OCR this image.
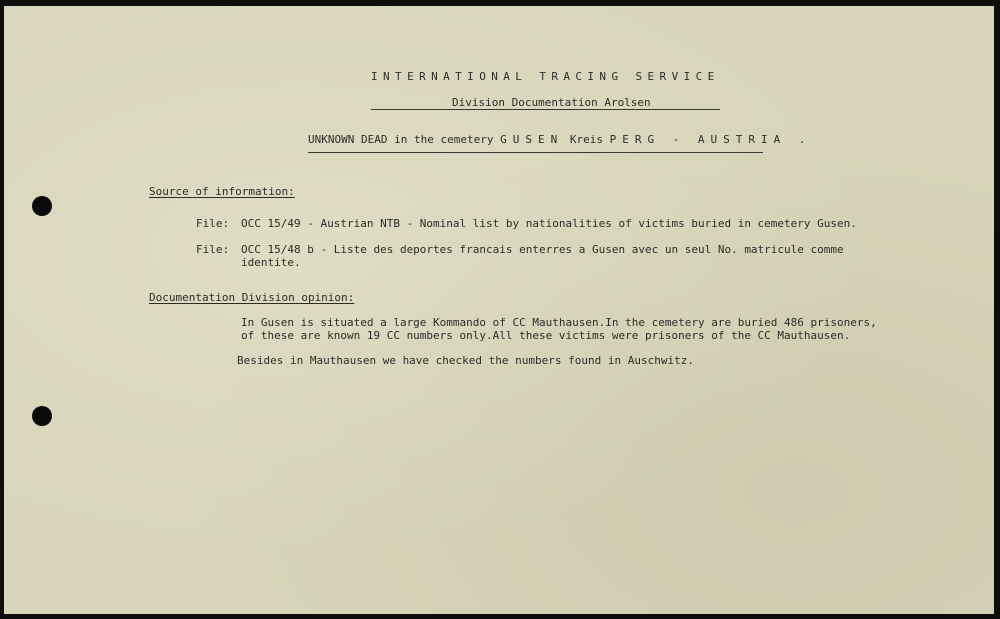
INTERNATIONAL TRACING SERVICE
Division Documentation Arolsen
UNKNOWN DEAD in the cemetery GUSEN Kreis PERG - AUSTRIA .
Source of information:
File: OCC 15/49 - Austrian NTB - Nominal list by nationalities of victims buried in cemetery Gusen.
File: OCC 15/48 b - Liste des deportes francais enterres a Gusen avec un seul No. matricule comme
identite.
Documentation Division opinion:
In Gusen is situated a large Kommando of CC Mauthausen.In the cemetery are buried 486 prisoners,
of these are known 19 CC numbers only.All these victims were prisoners of the CC Mauthausen.
Besides in Mauthausen we have checked the numbers found in Auschwitz.
